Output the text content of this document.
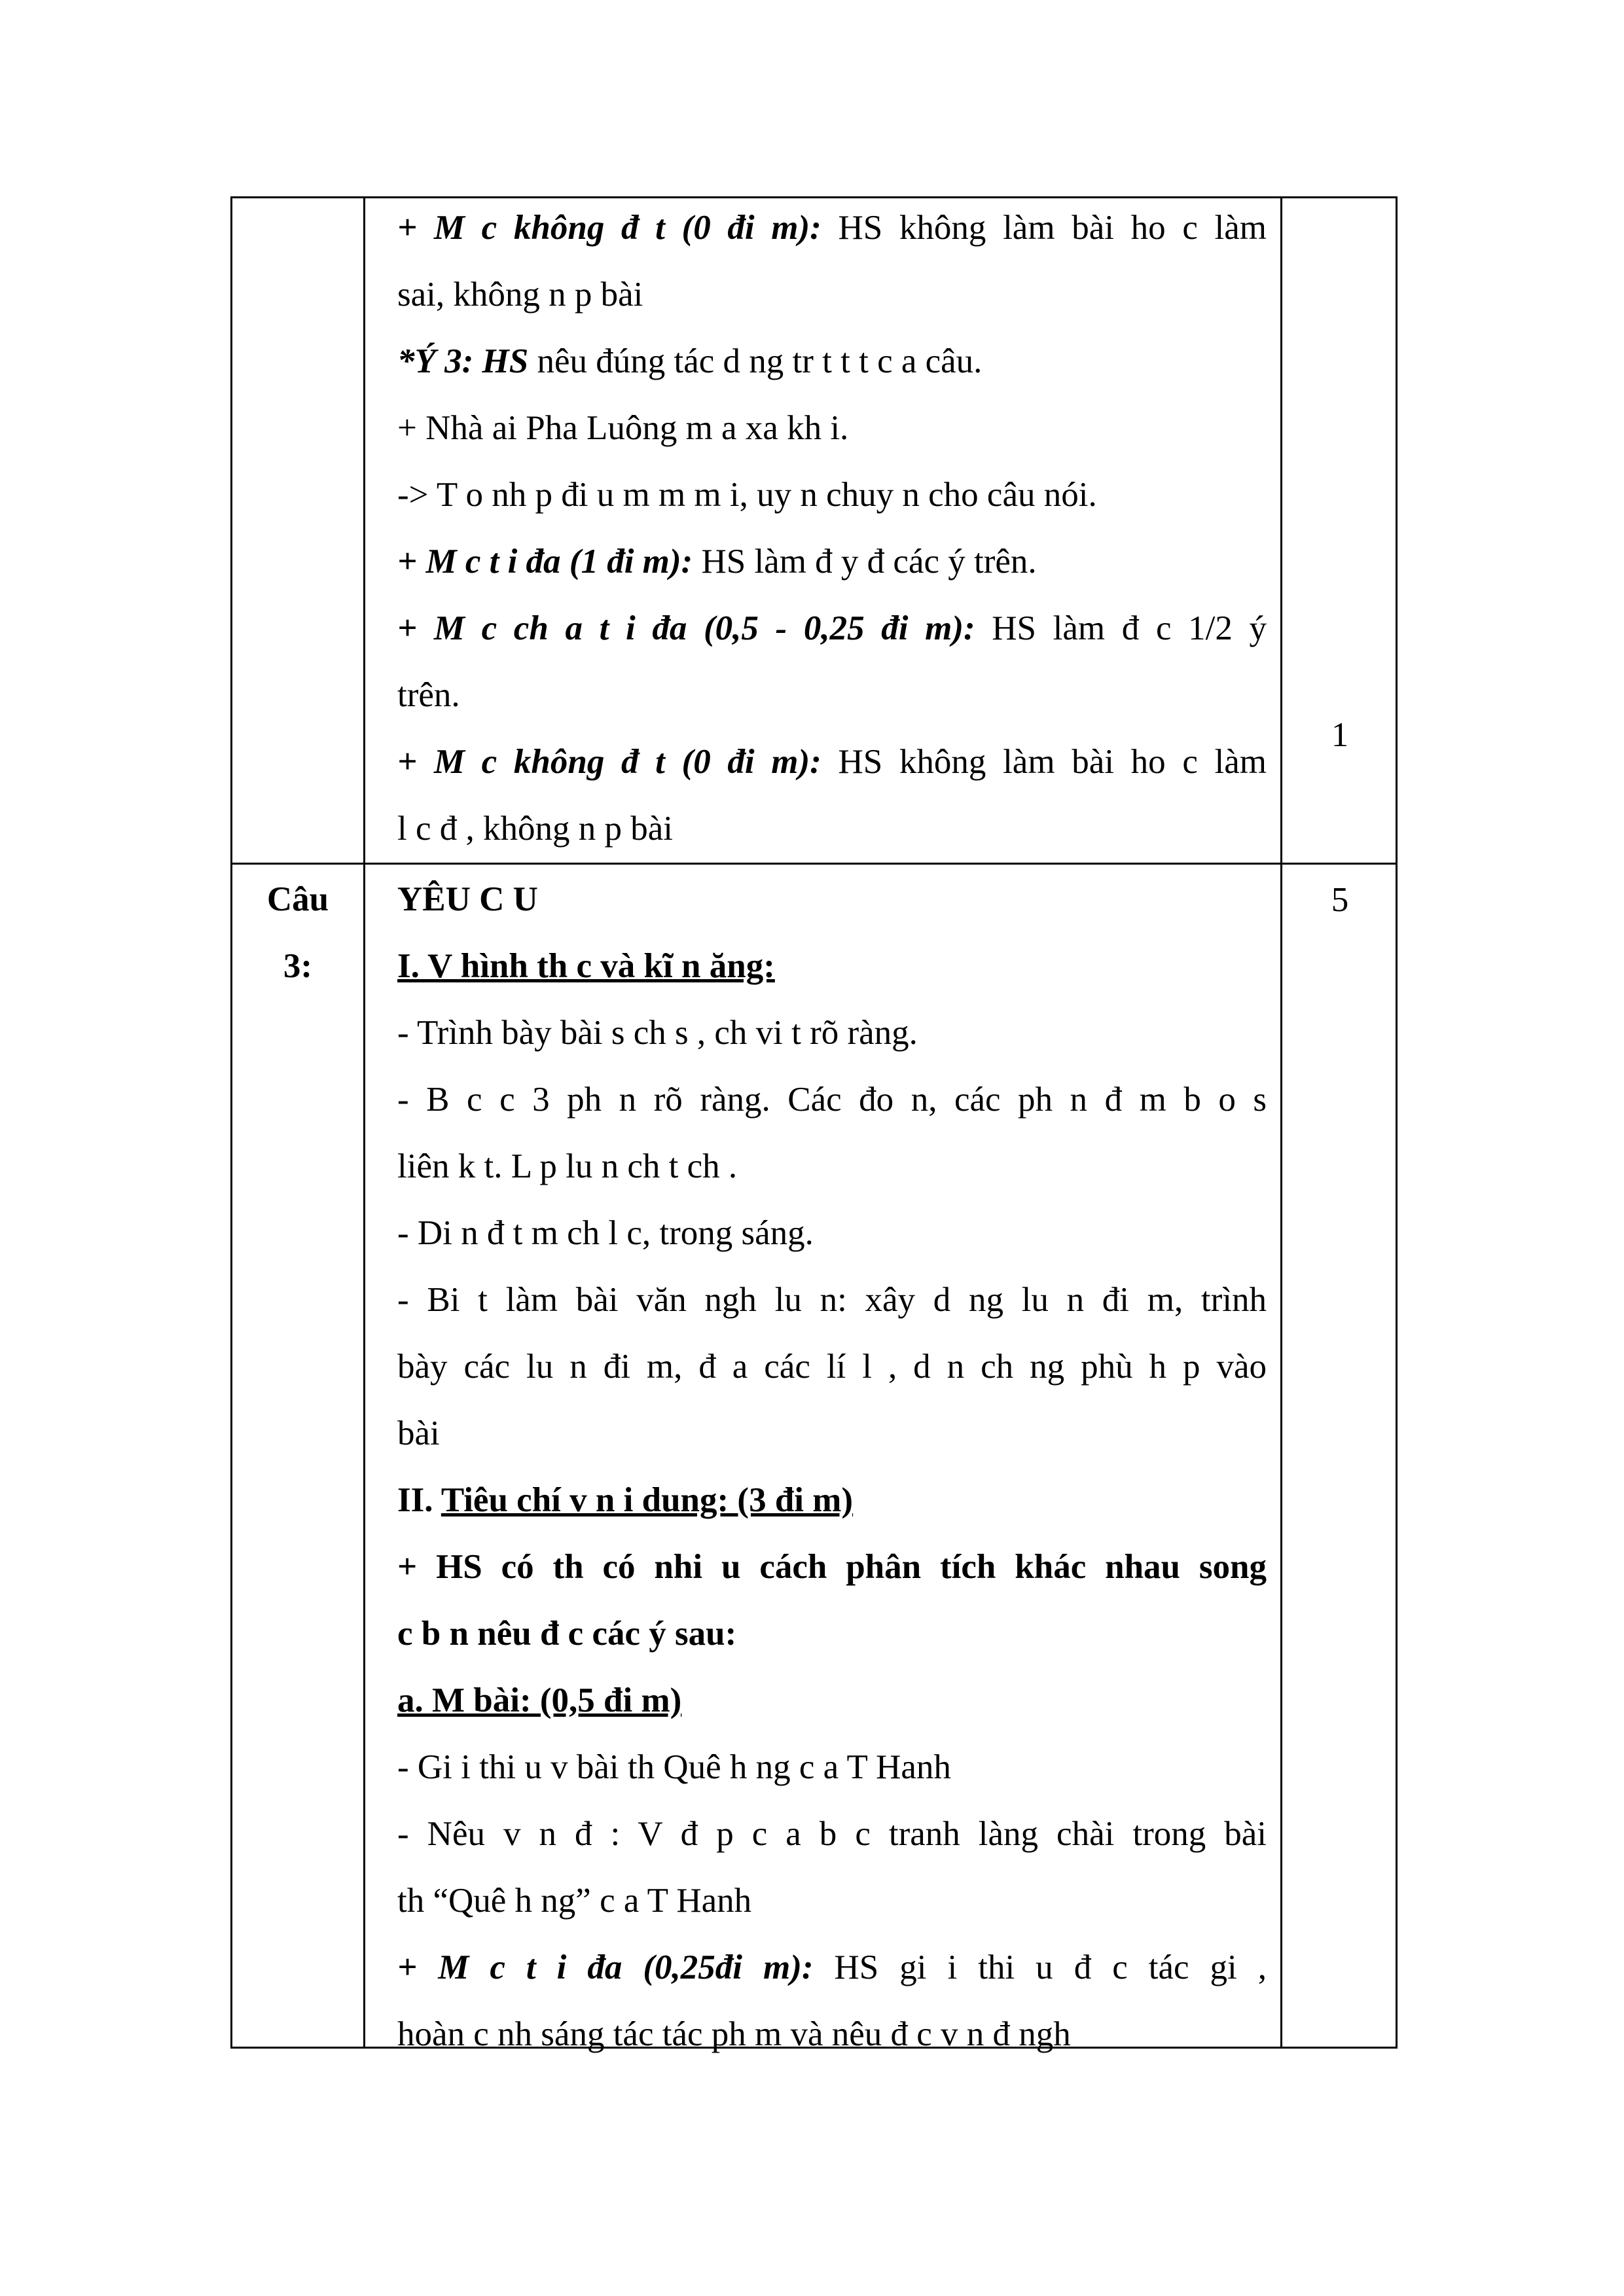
+ M c không đ t (0 đi m): HS không làm bài ho c làm
sai, không n p bài
*Ý 3: HS nêu đúng tác d ng tr t t t c a câu.
+ Nhà ai Pha Luông m a xa kh i.
-> T o nh p đi u m m m i, uy n chuy n cho câu nói.
+ M c t i đa (1 đi m): HS làm đ y đ các ý trên.
+ M c ch a t i đa (0,5 - 0,25 đi m): HS làm đ c 1/2 ý
trên.
+ M c không đ t (0 đi m): HS không làm bài ho c làm
l c đ , không n p bài
1
Câu
3:
5
YÊU C U
I. V hình th c và kĩ n ăng:
- Trình bày bài s ch s , ch vi t rõ ràng.
- B c c 3 ph n rõ ràng. Các đo n, các ph n đ m b o s
liên k t. L p lu n ch t ch .
- Di n đ t m ch l c, trong sáng.
- Bi t làm bài văn ngh lu n: xây d ng lu n đi m, trình
bày các lu n đi m, đ a các lí l , d n ch ng phù h p vào
bài
II. Tiêu chí v n i dung: (3 đi m)
+ HS có th có nhi u cách phân tích khác nhau song
c b n nêu đ c các ý sau:
a. M bài: (0,5 đi m)
- Gi i thi u v bài th Quê h ng c a T Hanh
- Nêu v n đ : V đ p c a b c tranh làng chài trong bài
th “Quê h ng” c a T Hanh
+ M c t i đa (0,25đi m): HS gi i thi u đ c tác gi ,
hoàn c nh sáng tác tác ph m và nêu đ c v n đ ngh
